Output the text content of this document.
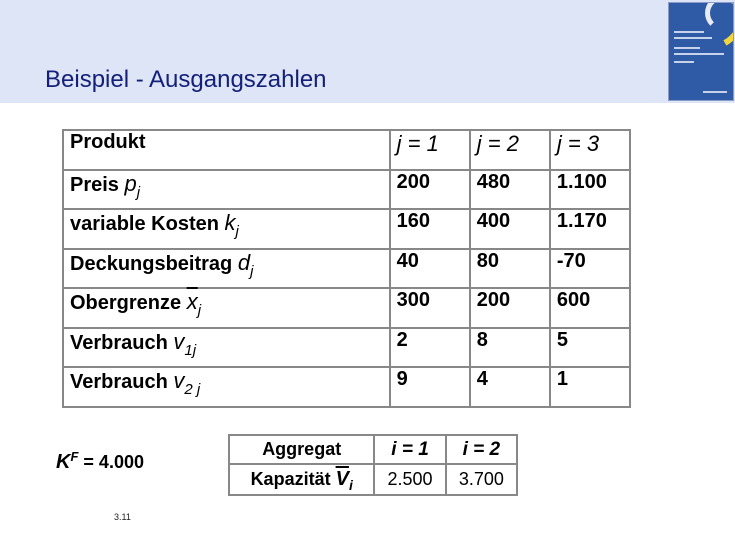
Beispiel - Ausgangszahlen
Produkt	j = 1	j = 2	j = 3
Preis $p_j$	200	480	1.100
variable Kosten $k_j$	160	400	1.170
Deckungsbeitrag $d_j$	40	80	-70
Obergrenze $\overline{x}_j$	300	200	600
Verbrauch $v_{1j}$	2	8	5
Verbrauch $v_{2 j}$	9	4	1
$K^F = 4.000$
Aggregat	i = 1	i = 2
Kapazität $\overline{V}_i$	2.500	3.700
3.11
